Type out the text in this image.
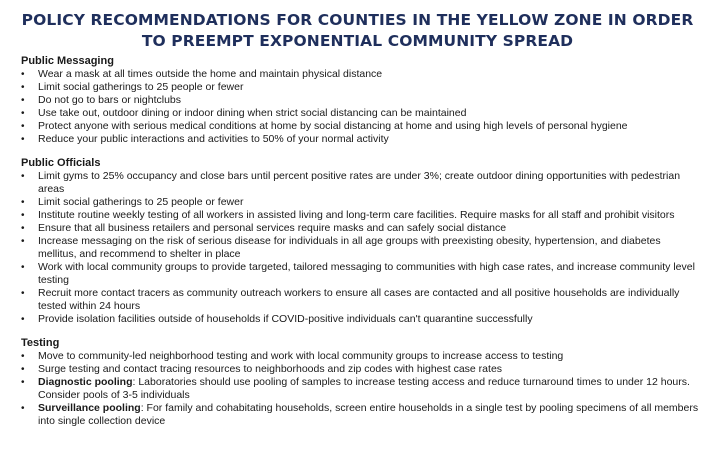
POLICY RECOMMENDATIONS FOR COUNTIES IN THE YELLOW ZONE IN ORDER
TO PREEMPT EXPONENTIAL COMMUNITY SPREAD

Public Messaging

• Wear a mask at all times outside the home and maintain physical distance
• Limit social gatherings to 25 people or fewer
• Do not go to bars or nightclubs
• Use take out, outdoor dining or indoor dining when strict social distancing can be maintained
• Protect anyone with serious medical conditions at home by social distancing at home and using high levels of personal hygiene
• Reduce your public interactions and activities to 50% of your normal activity

Public Officials

• Limit gyms to 25% occupancy and close bars until percent positive rates are under 3%; create outdoor dining opportunities with pedestrian areas
• Limit social gatherings to 25 people or fewer
• Institute routine weekly testing of all workers in assisted living and long-term care facilities. Require masks for all staff and prohibit visitors
• Ensure that all business retailers and personal services require masks and can safely social distance
• Increase messaging on the risk of serious disease for individuals in all age groups with preexisting obesity, hypertension, and diabetes mellitus, and recommend to shelter in place
• Work with local community groups to provide targeted, tailored messaging to communities with high case rates, and increase community level testing
• Recruit more contact tracers as community outreach workers to ensure all cases are contacted and all positive households are individually tested within 24 hours
• Provide isolation facilities outside of households if COVID-positive individuals can't quarantine successfully

Testing

• Move to community-led neighborhood testing and work with local community groups to increase access to testing
• Surge testing and contact tracing resources to neighborhoods and zip codes with highest case rates
• Diagnostic pooling: Laboratories should use pooling of samples to increase testing access and reduce turnaround times to under 12 hours. Consider pools of 3-5 individuals
• Surveillance pooling: For family and cohabitating households, screen entire households in a single test by pooling specimens of all members into single collection device
